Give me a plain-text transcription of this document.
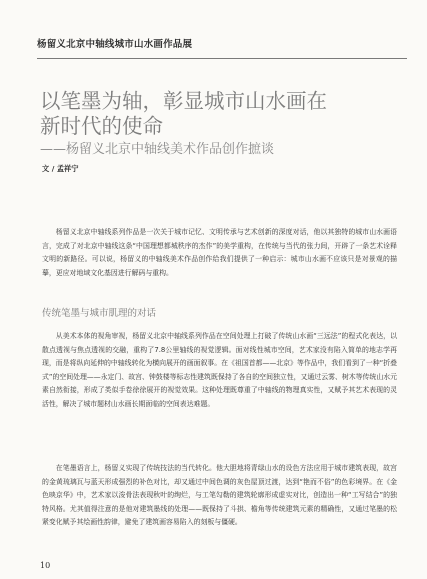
杨留义北京中轴线城市山水画作品展
以笔墨为轴，彰显城市山水画在
新时代的使命
——杨留义北京中轴线美术作品创作摭谈
文 / 孟祥宁

杨留义北京中轴线系列作品是一次关于城市记忆、文明传承与艺术创新的深度对话，他以其独特的城市山水画语言，完成了对北京中轴线这条“中国理想都城秩序的杰作”的美学重构，在传统与当代的张力间，开辟了一条艺术诠释文明的新路径。可以说，杨留义的中轴线美术作品创作给我们提供了一种启示：城市山水画不应该只是对景观的描摹，更应对地域文化基因进行解码与重构。

传统笔墨与城市肌理的对话

从美术本体的视角审视，杨留义北京中轴线系列作品在空间处理上打破了传统山水画“三远法”的程式化表达，以散点透视与焦点透视的交融，重构了7.8公里轴线的视觉逻辑。面对线性城市空间，艺术家没有陷入简单的地志学再现，而是将纵向延伸的中轴线转化为横向展开的画面叙事。在《祖国首都——北京》等作品中，我们看到了一种“折叠式”的空间处理——永定门、故宫、钟鼓楼等标志性建筑既保持了各自的空间独立性，又通过云雾、树木等传统山水元素自然衔接，形成了类似手卷徐徐展开的视觉效果。这种处理既尊重了中轴线的物理真实性，又赋予其艺术表现的灵活性，解决了城市题材山水画长期面临的空间表达难题。

在笔墨语言上，杨留义实现了传统技法的当代转化。他大胆地将青绿山水的设色方法应用于城市建筑表现，故宫的金黄琉璃瓦与蓝天形成强烈的补色对比，却又通过中间色调的灰色屋顶过渡，达到“艳而不俗”的色彩境界。在《金色映京华》中，艺术家以浚骨法表现秋叶的绚烂，与工笔勾勒的建筑轮廓形成虚实对比，创造出一种“工写结合”的独特风格。尤其值得注意的是他对建筑墨线的处理——既保持了斗拱、檐角等传统建筑元素的精确性，又通过笔墨的松紧变化赋予其绘画性韵律，避免了建筑画容易陷入的刻板与僵硬。

10
